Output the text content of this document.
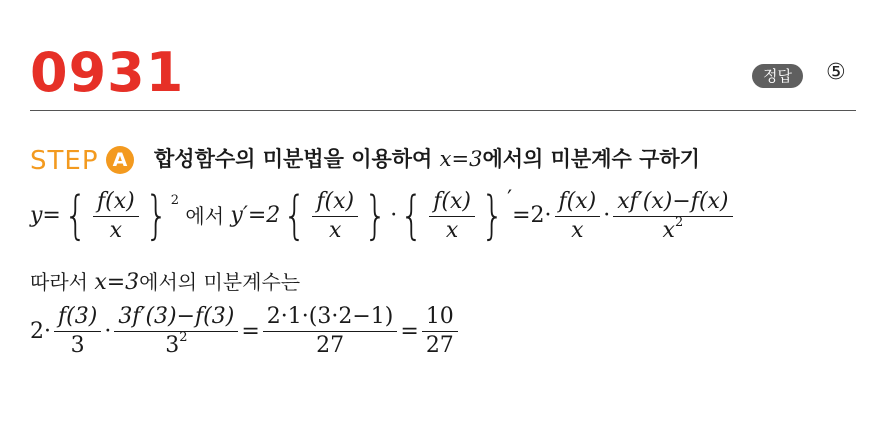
0931	정답	⑤
STEP A	합성함수의 미분법을 이용하여 x=3에서의 미분계수 구하기
y= { $\frac{f(x)}{x}$ } 2
에서 y′=2 { $\frac{f(x)}{x}$ } · { $\frac{f(x)}{x}$ } ′
$=2\cdot \frac{f(x)}{x} \cdot \frac{xf'(x)-f(x)}{x^2}$
따라서 x=3에서의 미분계수는
$2\cdot \frac{f(3)}{3} \cdot \frac{3f'(3)-f(3)}{3^2} = \frac{2\cdot 1\cdot(3\cdot 2-1)}{27} = \frac{10}{27}$
